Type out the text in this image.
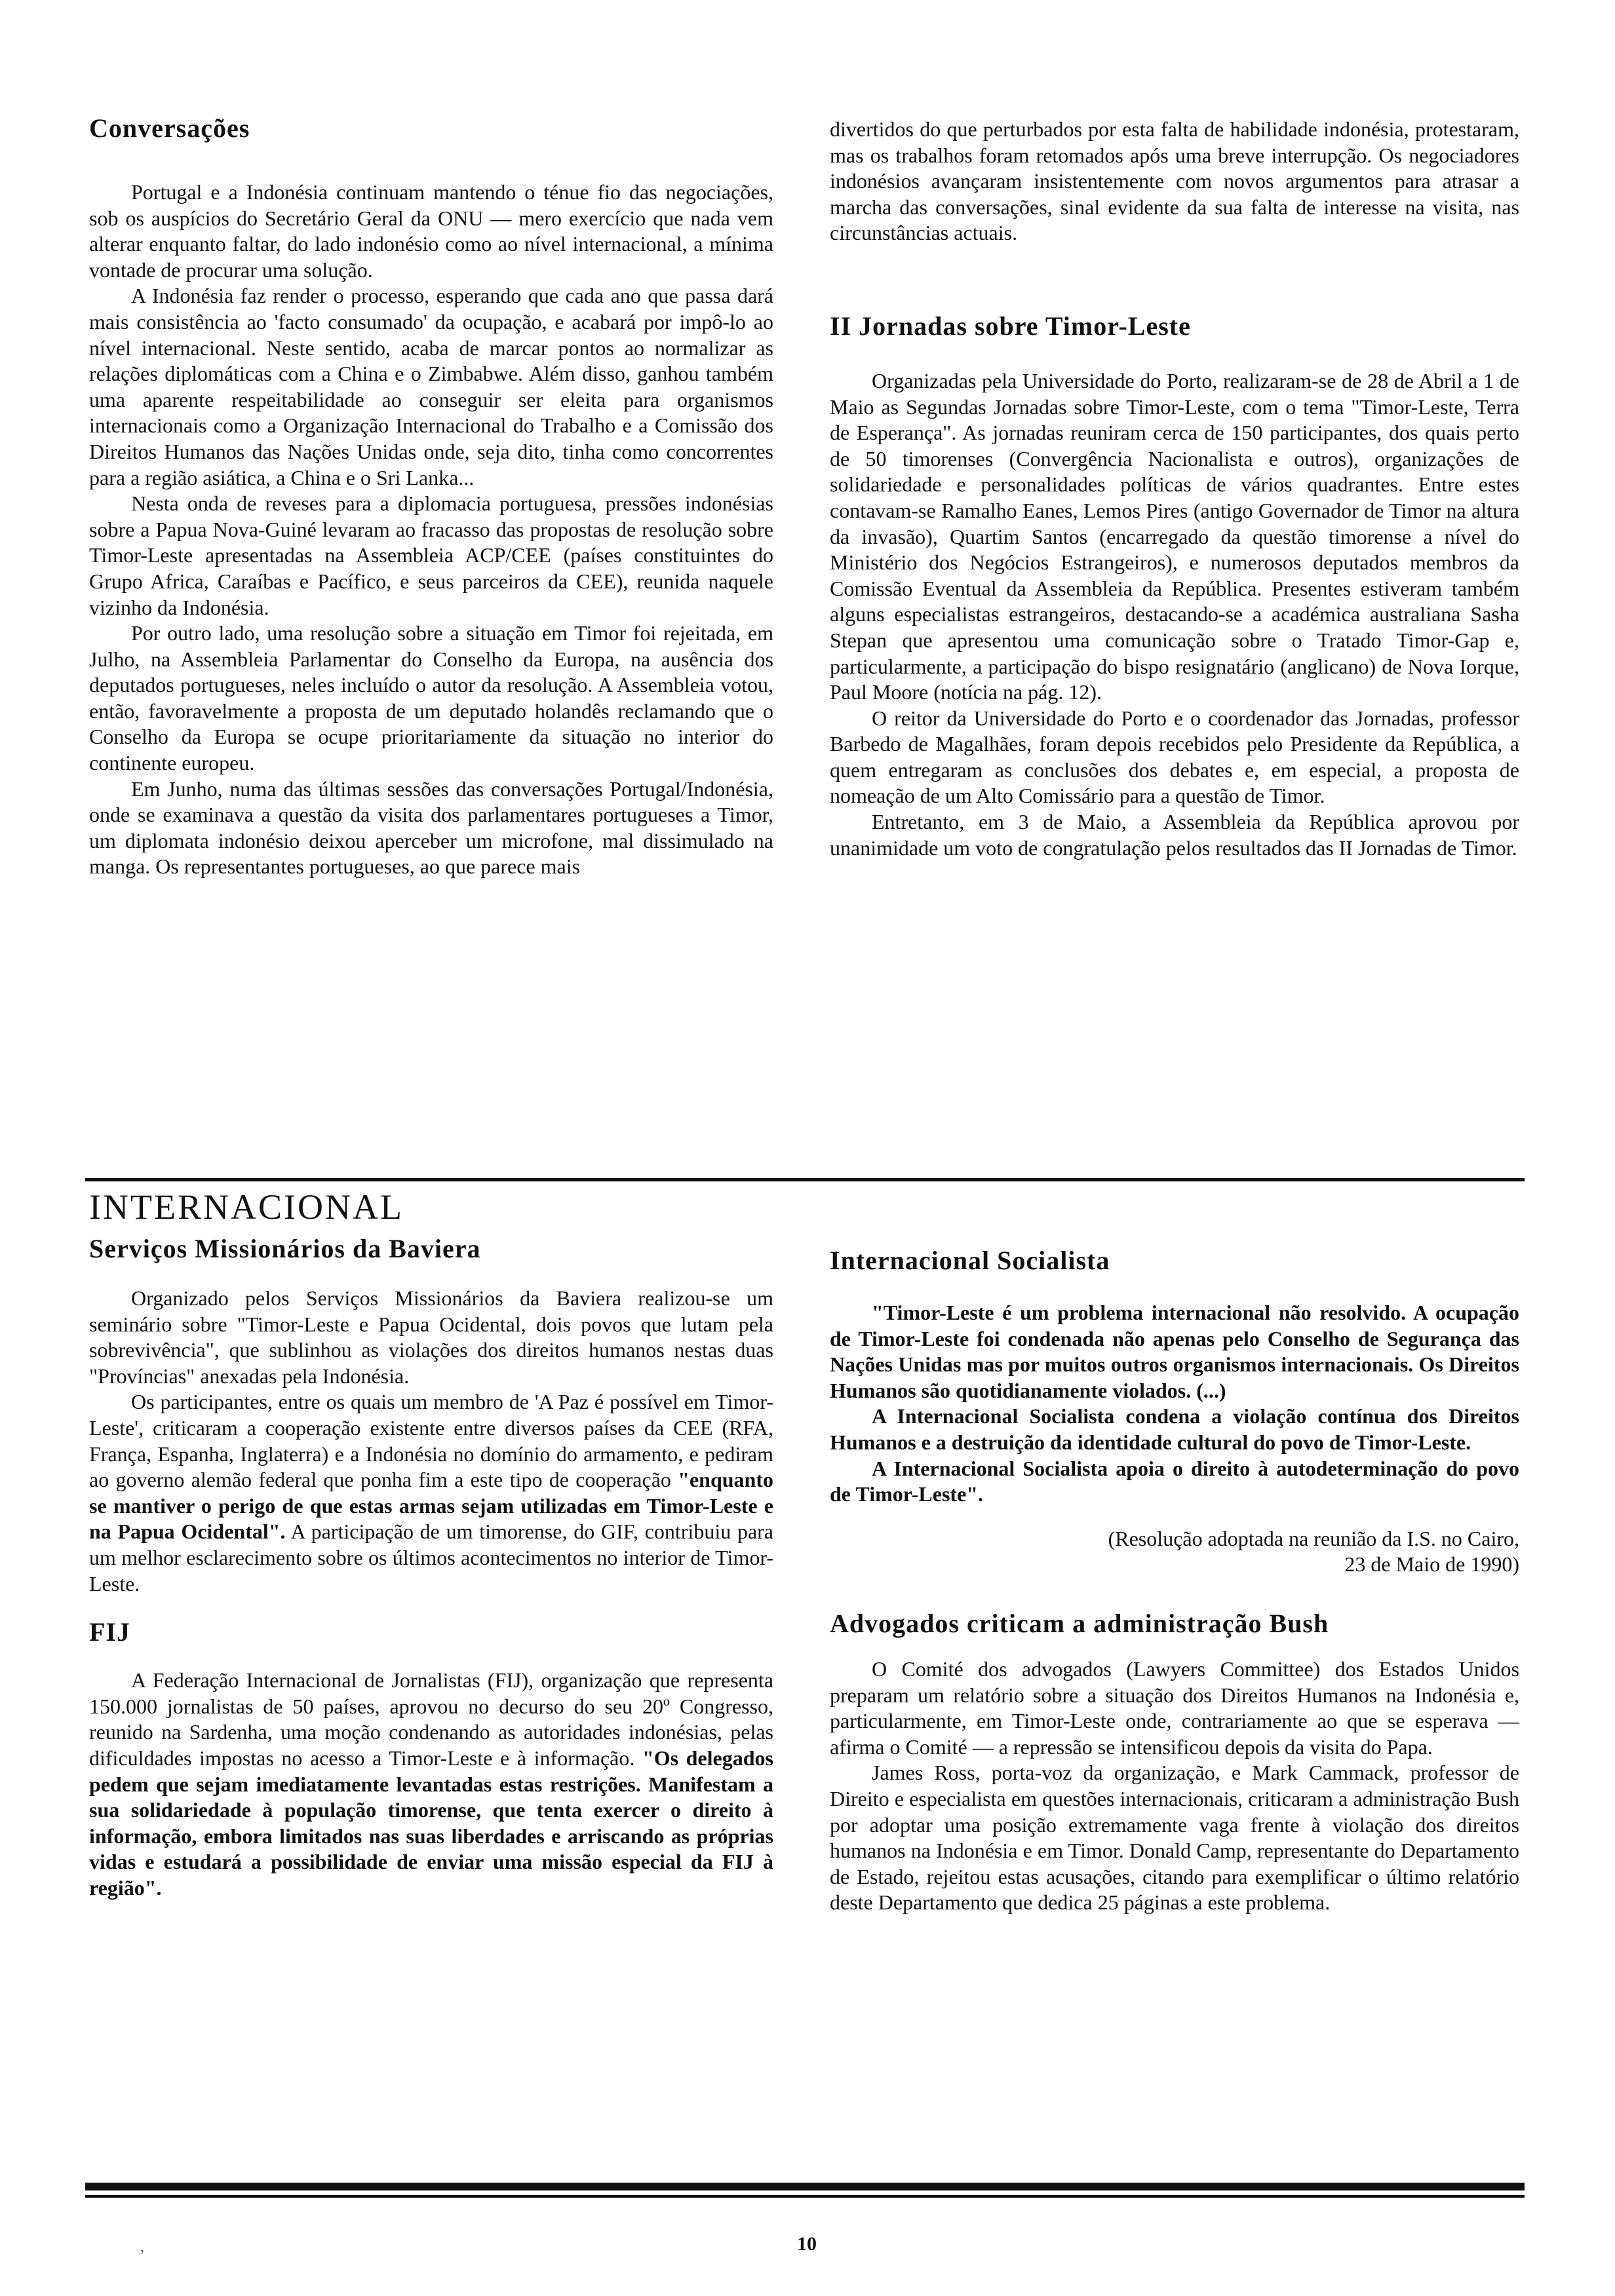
Conversações

Portugal e a Indonésia continuam mantendo o ténue fio das negociações, sob os auspícios do Secretário Geral da ONU — mero exercício que nada vem alterar enquanto faltar, do lado indonésio como ao nível internacional, a mínima vontade de procurar uma solução.

A Indonésia faz render o processo, esperando que cada ano que passa dará mais consistência ao 'facto consumado' da ocupação, e acabará por impô-lo ao nível internacional. Neste sentido, acaba de marcar pontos ao normalizar as relações diplomáticas com a China e o Zimbabwe. Além disso, ganhou também uma aparente respeitabilidade ao conseguir ser eleita para organismos internacionais como a Organização Internacional do Trabalho e a Comissão dos Direitos Humanos das Nações Unidas onde, seja dito, tinha como concorrentes para a região asiática, a China e o Sri Lanka...

Nesta onda de reveses para a diplomacia portuguesa, pressões indonésias sobre a Papua Nova-Guiné levaram ao fracasso das propostas de resolução sobre Timor-Leste apresentadas na Assembleia ACP/CEE (países constituintes do Grupo Africa, Caraíbas e Pacífico, e seus parceiros da CEE), reunida naquele vizinho da Indonésia.

Por outro lado, uma resolução sobre a situação em Timor foi rejeitada, em Julho, na Assembleia Parlamentar do Conselho da Europa, na ausência dos deputados portugueses, neles incluído o autor da resolução. A Assembleia votou, então, favoravelmente a proposta de um deputado holandês reclamando que o Conselho da Europa se ocupe prioritariamente da situação no interior do continente europeu.

Em Junho, numa das últimas sessões das conversações Portugal/Indonésia, onde se examinava a questão da visita dos parlamentares portugueses a Timor, um diplomata indonésio deixou aperceber um microfone, mal dissimulado na manga. Os representantes portugueses, ao que parece mais

divertidos do que perturbados por esta falta de habilidade indonésia, protestaram, mas os trabalhos foram retomados após uma breve interrupção. Os negociadores indonésios avançaram insistentemente com novos argumentos para atrasar a marcha das conversações, sinal evidente da sua falta de interesse na visita, nas circunstâncias actuais.

II Jornadas sobre Timor-Leste

Organizadas pela Universidade do Porto, realizaram-se de 28 de Abril a 1 de Maio as Segundas Jornadas sobre Timor-Leste, com o tema "Timor-Leste, Terra de Esperança". As jornadas reuniram cerca de 150 participantes, dos quais perto de 50 timorenses (Convergência Nacionalista e outros), organizações de solidariedade e personalidades políticas de vários quadrantes. Entre estes contavam-se Ramalho Eanes, Lemos Pires (antigo Governador de Timor na altura da invasão), Quartim Santos (encarregado da questão timorense a nível do Ministério dos Negócios Estrangeiros), e numerosos deputados membros da Comissão Eventual da Assembleia da República. Presentes estiveram também alguns especialistas estrangeiros, destacando-se a académica australiana Sasha Stepan que apresentou uma comunicação sobre o Tratado Timor-Gap e, particularmente, a participação do bispo resignatário (anglicano) de Nova Iorque, Paul Moore (notícia na pág. 12).

O reitor da Universidade do Porto e o coordenador das Jornadas, professor Barbedo de Magalhães, foram depois recebidos pelo Presidente da República, a quem entregaram as conclusões dos debates e, em especial, a proposta de nomeação de um Alto Comissário para a questão de Timor.

Entretanto, em 3 de Maio, a Assembleia da República aprovou por unanimidade um voto de congratulação pelos resultados das II Jornadas de Timor.

INTERNACIONAL
Serviços Missionários da Baviera

Organizado pelos Serviços Missionários da Baviera realizou-se um seminário sobre "Timor-Leste e Papua Ocidental, dois povos que lutam pela sobrevivência", que sublinhou as violações dos direitos humanos nestas duas "Províncias" anexadas pela Indonésia.

Os participantes, entre os quais um membro de 'A Paz é possível em Timor-Leste', criticaram a cooperação existente entre diversos países da CEE (RFA, França, Espanha, Inglaterra) e a Indonésia no domínio do armamento, e pediram ao governo alemão federal que ponha fim a este tipo de cooperação "enquanto se mantiver o perigo de que estas armas sejam utilizadas em Timor-Leste e na Papua Ocidental". A participação de um timorense, do GIF, contribuiu para um melhor esclarecimento sobre os últimos acontecimentos no interior de Timor-Leste.

FIJ

A Federação Internacional de Jornalistas (FIJ), organização que representa 150.000 jornalistas de 50 países, aprovou no decurso do seu 20º Congresso, reunido na Sardenha, uma moção condenando as autoridades indonésias, pelas dificuldades impostas no acesso a Timor-Leste e à informação. "Os delegados pedem que sejam imediatamente levantadas estas restrições. Manifestam a sua solidariedade à população timorense, que tenta exercer o direito à informação, embora limitados nas suas liberdades e arriscando as próprias vidas e estudará a possibilidade de enviar uma missão especial da FIJ à região".

Internacional Socialista

"Timor-Leste é um problema internacional não resolvido. A ocupação de Timor-Leste foi condenada não apenas pelo Conselho de Segurança das Nações Unidas mas por muitos outros organismos internacionais. Os Direitos Humanos são quotidianamente violados. (...)

A Internacional Socialista condena a violação contínua dos Direitos Humanos e a destruição da identidade cultural do povo de Timor-Leste.

A Internacional Socialista apoia o direito à autodeterminação do povo de Timor-Leste".

(Resolução adoptada na reunião da I.S. no Cairo,
23 de Maio de 1990)
Advogados criticam a administração Bush

O Comité dos advogados (Lawyers Committee) dos Estados Unidos preparam um relatório sobre a situação dos Direitos Humanos na Indonésia e, particularmente, em Timor-Leste onde, contrariamente ao que se esperava — afirma o Comité — a repressão se intensificou depois da visita do Papa.

James Ross, porta-voz da organização, e Mark Cammack, professor de Direito e especialista em questões internacionais, criticaram a administração Bush por adoptar uma posição extremamente vaga frente à violação dos direitos humanos na Indonésia e em Timor. Donald Camp, representante do Departamento de Estado, rejeitou estas acusações, citando para exemplificar o último relatório deste Departamento que dedica 25 páginas a este problema.

10
,
